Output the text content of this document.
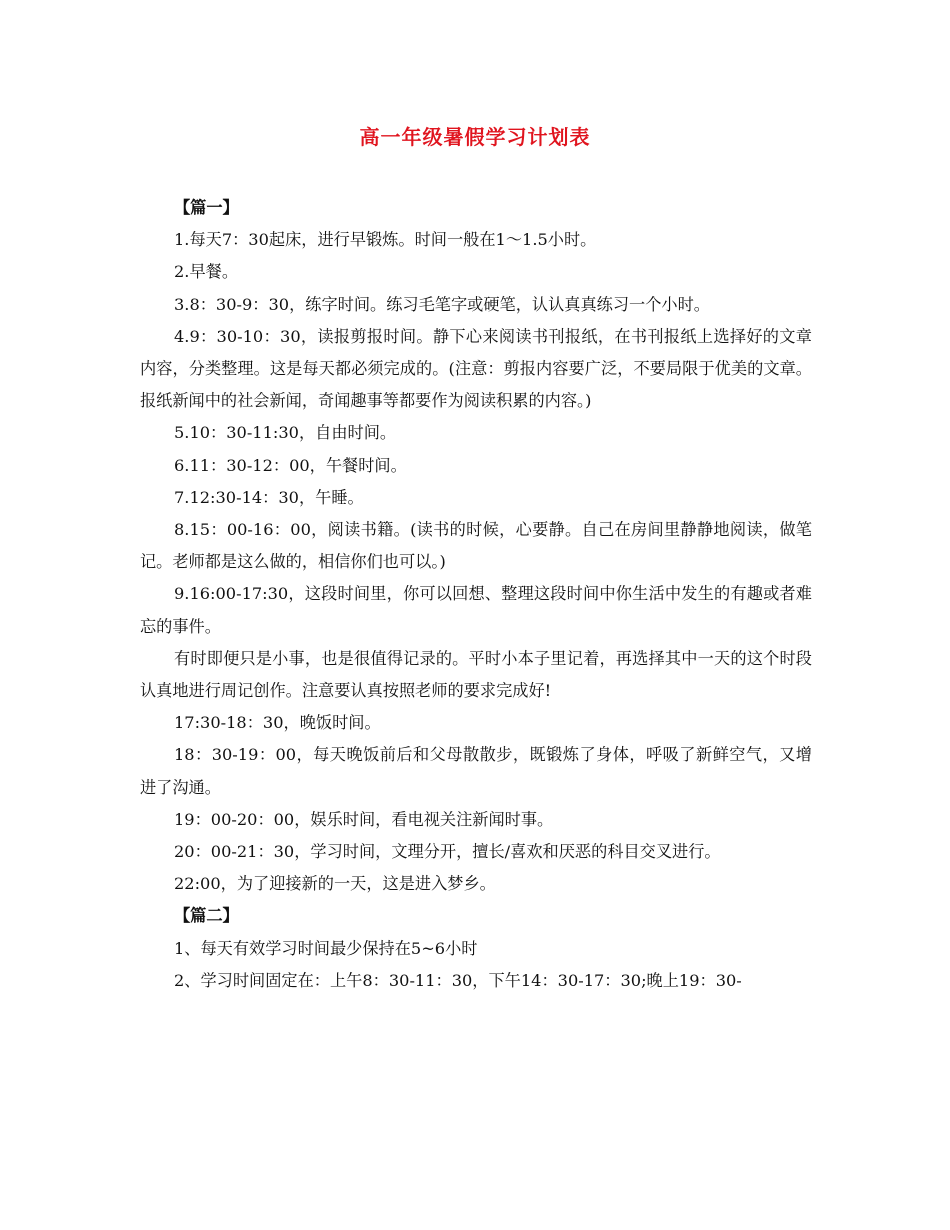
高一年级暑假学习计划表

【篇一】

1.每天7：30起床，进行早锻炼。时间一般在1～1.5小时。

2.早餐。

3.8：30-9：30，练字时间。练习毛笔字或硬笔，认认真真练习一个小时。

4.9：30-10：30，读报剪报时间。静下心来阅读书刊报纸，在书刊报纸上选择好的文章内容，分类整理。这是每天都必须完成的。(注意：剪报内容要广泛，不要局限于优美的文章。报纸新闻中的社会新闻，奇闻趣事等都要作为阅读积累的内容。)

5.10：30-11:30，自由时间。

6.11：30-12：00，午餐时间。

7.12:30-14：30，午睡。

8.15：00-16：00，阅读书籍。(读书的时候，心要静。自己在房间里静静地阅读，做笔记。老师都是这么做的，相信你们也可以。)

9.16:00-17:30，这段时间里，你可以回想、整理这段时间中你生活中发生的有趣或者难忘的事件。

有时即便只是小事，也是很值得记录的。平时小本子里记着，再选择其中一天的这个时段认真地进行周记创作。注意要认真按照老师的要求完成好!

17:30-18：30，晚饭时间。

18：30-19：00，每天晚饭前后和父母散散步，既锻炼了身体，呼吸了新鲜空气，又增进了沟通。

19：00-20：00，娱乐时间，看电视关注新闻时事。

20：00-21：30，学习时间，文理分开，擅长/喜欢和厌恶的科目交叉进行。

22:00，为了迎接新的一天，这是进入梦乡。

【篇二】

1、每天有效学习时间最少保持在5~6小时

2、学习时间固定在：上午8：30-11：30，下午14：30-17：30;晚上19：30-
